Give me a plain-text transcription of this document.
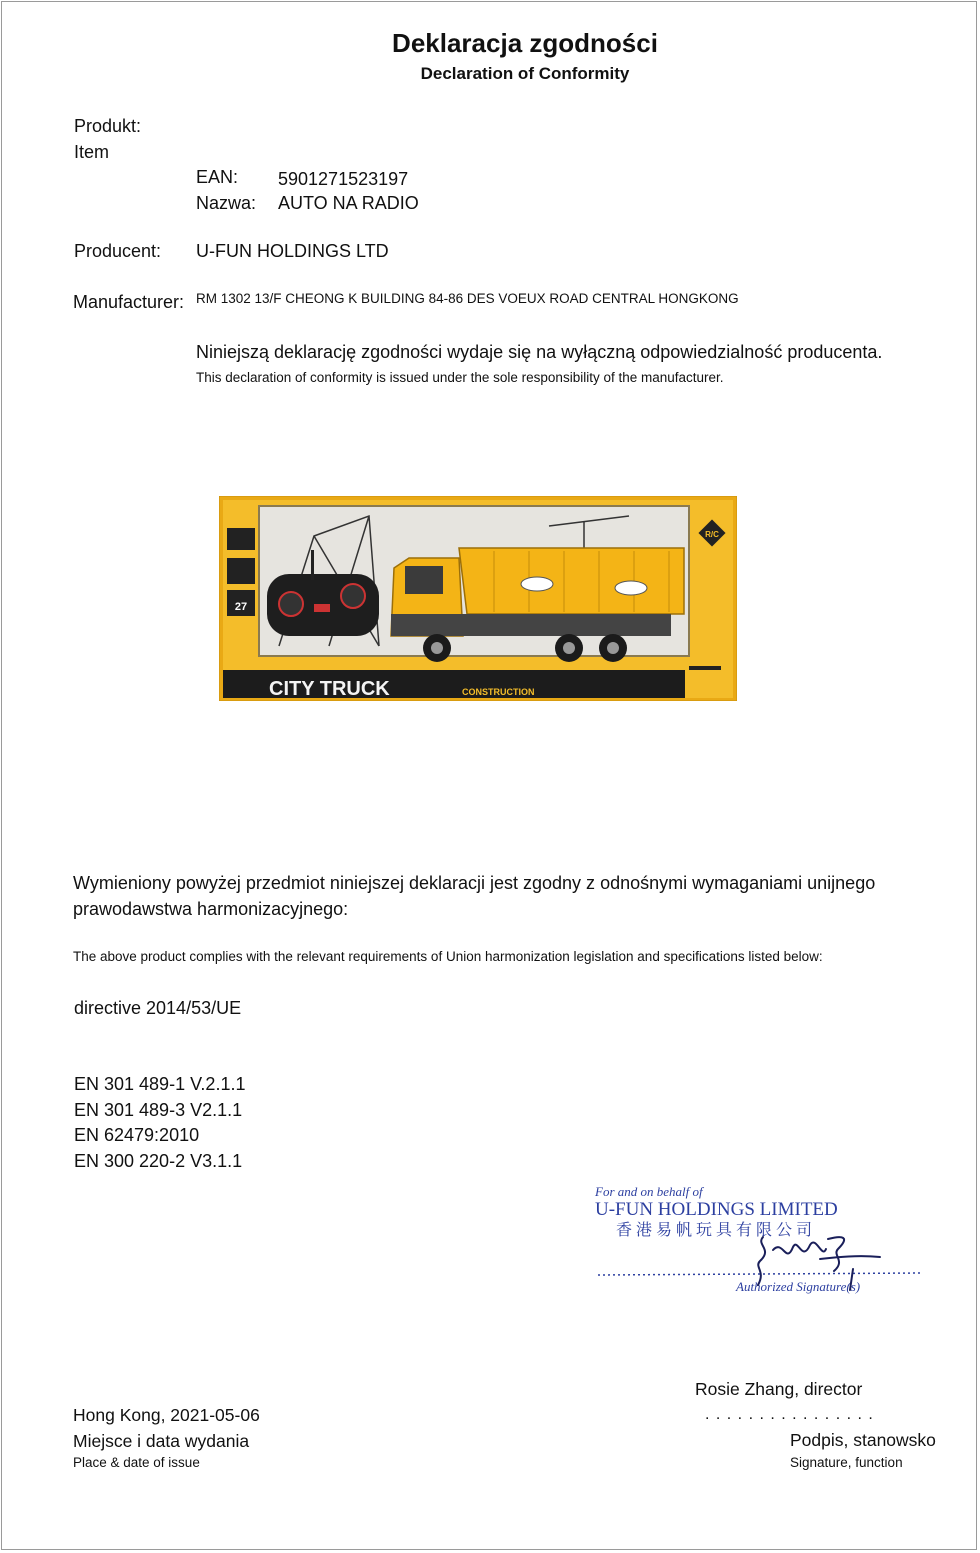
Deklaracja zgodności
Declaration of Conformity
Produkt:
Item
EAN: 5901271523197
Nazwa: AUTO NA RADIO
Producent: U-FUN HOLDINGS LTD
Manufacturer: RM 1302 13/F CHEONG K BUILDING 84-86 DES VOEUX ROAD CENTRAL HONGKONG
Niniejszą deklarację zgodności wydaje się na wyłączną odpowiedzialność producenta.
This declaration of conformity is issued under the sole responsibility of the manufacturer.
27
R/C
CITY TRUCK	CONSTRUCTION
Wymieniony powyżej przedmiot niniejszej deklaracji jest zgodny z odnośnymi wymaganiami unijnego
prawodawstwa harmonizacyjnego:
The above product complies with the relevant requirements of Union harmonization legislation and specifications listed below:
directive 2014/53/UE
EN 301 489-1 V.2.1.1
EN 301 489-3 V2.1.1
EN 62479:2010
EN 300 220-2 V3.1.1
For and on behalf of
U-FUN HOLDINGS LIMITED
香 港 易 帆 玩 具 有 限 公 司
Authorized Signature(s)
Rosie Zhang, director
Hong Kong, 2021-05-06	. . . . . . . . . . . . . . . .
Miejsce i data wydania	Podpis, stanowsko
Place & date of issue	Signature, function
